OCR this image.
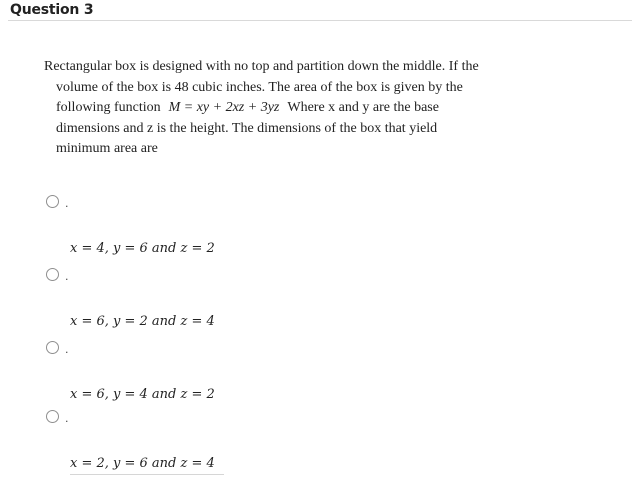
Question 3
Rectangular box is designed with no top and partition down the middle. If the
volume of the box is 48 cubic inches. The area of the box is given by the
following function M = xy + 2xz + 3yz Where x and y are the base
dimensions and z is the height. The dimensions of the box that yield
minimum area are
.
x = 4, y = 6 and z = 2
.
x = 6, y = 2 and z = 4
.
x = 6, y = 4 and z = 2
.
x = 2, y = 6 and z = 4
